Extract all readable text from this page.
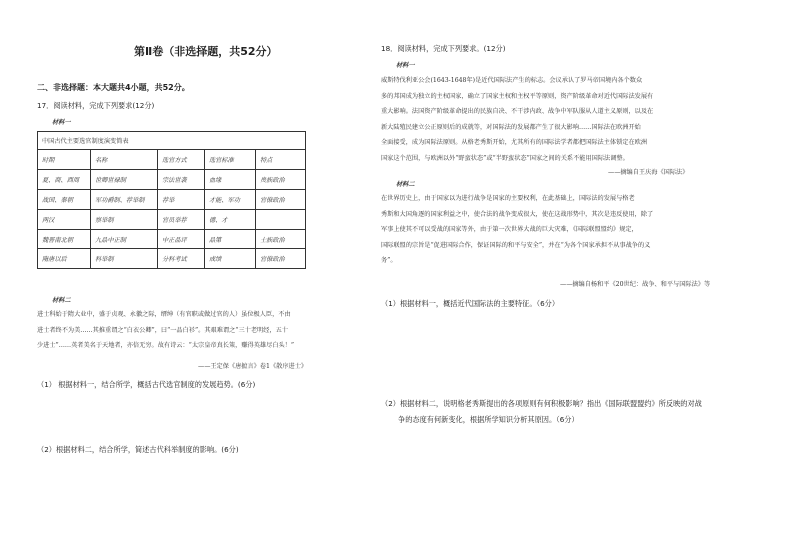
第Ⅱ卷（非选择题，共52分）
二、非选择题：本大题共4小题，共52分。
17．阅读材料，完成下列要求(12分)
材料一
中国古代主要选官制度演变简表				
时期	名称	选官方式	选官标准	特点
夏、商、西周	世卿世禄制	宗法世袭	血缘	贵族政治
战国、秦朝	军功爵制、荐举制	荐举	才能、军功	官僚政治
两汉	察举制	官员举荐	德、才	
魏晋南北朝	九品中正制	中正品评	品第	士族政治
隋唐以后	科举制	分科考试	成绩	官僚政治
材料二

进士科始于隋大业中，盛于贞观、永徽之际，缙绅（有官职或做过官的人）虽位极人臣，不由

进士者终不为美……其推重谓之“白衣公卿”，曰“一品白衫”。其艰难谓之“三十老明经，五十

少进士”……英者美名于天地者，亦倍无穷。故有诗云：“太宗皇帝真长策，赚得英雄尽白头！”

——王定保《唐摭言》卷1《散序进士》
（1） 根据材料一，结合所学，概括古代选官制度的发展趋势。(6分)
（2）根据材料二，结合所学，简述古代科举制度的影响。(6分)
18．阅读材料，完成下列要求。(12分)
材料一

威斯特伐利亚公会(1643-1648年)是近代国际法产生的标志。会议承认了罗马帝国境内各个数众

多的邦国成为独立的主权国家，确立了国家主权和主权平等原则，资产阶级革命对近代国际法发展有

重大影响。法国资产阶级革命提出的民族自决、不干涉内政、战争中军队服从人道主义原则，以及在

新大陆殖民建立公正原则后的成就等，对国际法的发展都产生了很大影响……国际法在欧洲开始

全面接受，成为国际法原则。从格老秀斯开始，尤其所有的国际法学者都把国际法主体锁定在欧洲

国家这个范围，与欧洲以外“野蛮状态”或“半野蛮状态”国家之间的关系不能用国际法调整。

——摘编自王庆海《国际法》
材料二

在世界历史上，由于国家以为进行战争是国家的主要权利，在此基础上，国际法的发展与格老

秀斯和大国角逐的国家利益之中，使合法的战争变成很大，使在这战形势中，其次是违反使用，除了

军事上使其不可以受战的国家等外，由于第一次世界大战的巨大灾难，《国际联盟盟约》规定，

国际联盟的宗旨是“促进国际合作，保证国际的和平与安全”，并在“为各个国家承担不从事战争的义

务”。

——摘编自杨和平《20世纪：战争、和平与国际法》等
（1）根据材料一，概括近代国际法的主要特征。（6分）
（2）根据材料二，说明格老秀斯提出的各项原则有何积极影响？指出《国际联盟盟约》所反映的对战
争的态度有何新变化，根据所学知识分析其原因。（6分）
